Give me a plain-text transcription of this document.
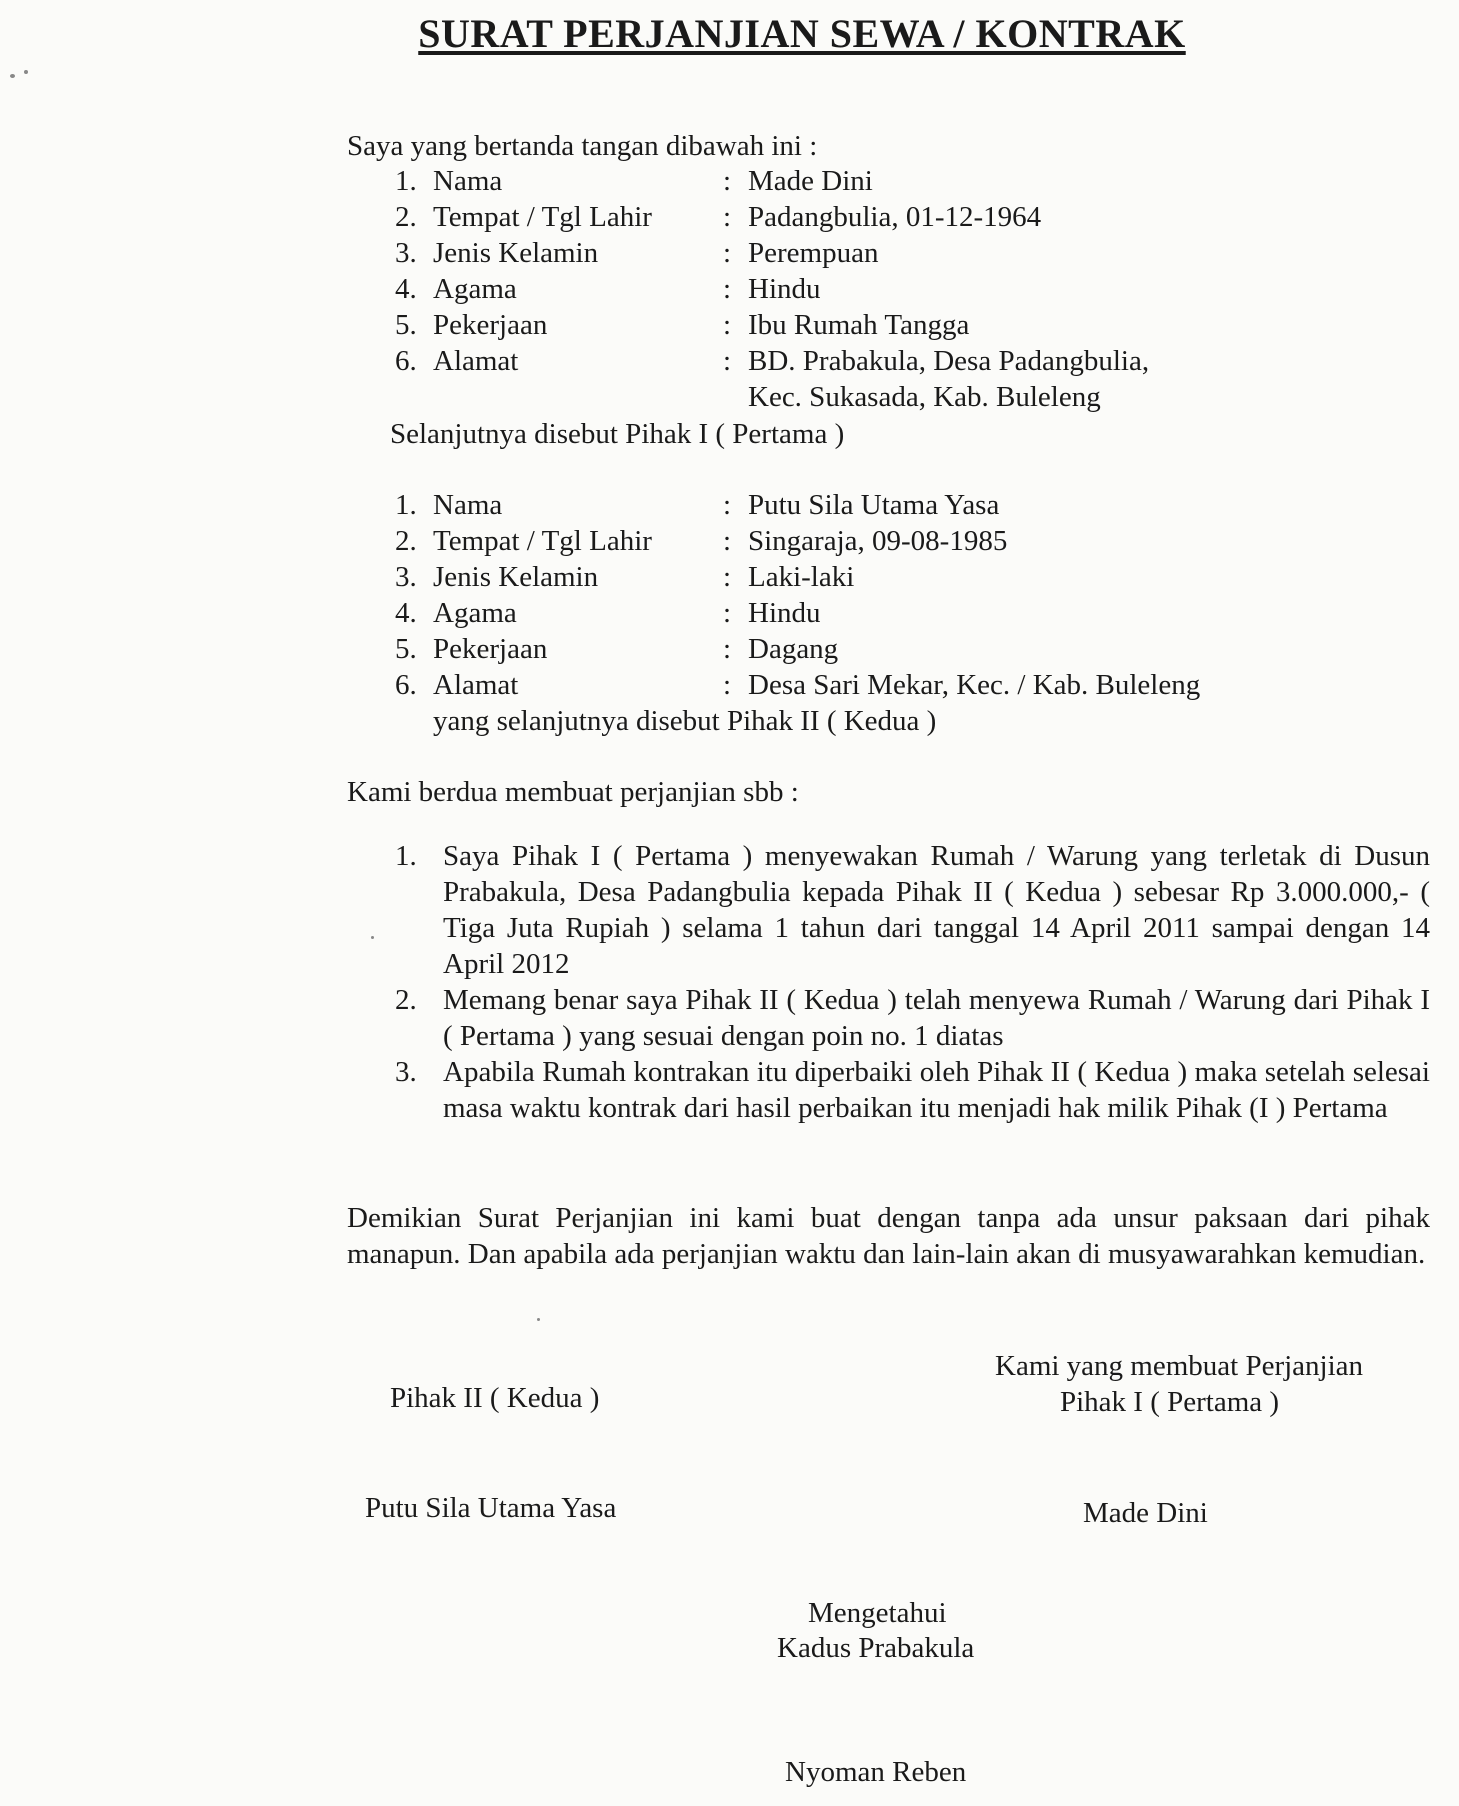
SURAT PERJANJIAN SEWA / KONTRAK
Saya yang bertanda tangan dibawah ini :
1. Nama	: Made Dini
2. Tempat / Tgl Lahir	: Padangbulia, 01-12-1964
3. Jenis Kelamin	: Perempuan
4. Agama	: Hindu
5. Pekerjaan	: Ibu Rumah Tangga
6. Alamat	: BD. Prabakula, Desa Padangbulia,
Kec. Sukasada, Kab. Buleleng
Selanjutnya disebut Pihak I ( Pertama )
1. Nama	: Putu Sila Utama Yasa
2. Tempat / Tgl Lahir	: Singaraja, 09-08-1985
3. Jenis Kelamin	: Laki-laki
4. Agama	: Hindu
5. Pekerjaan	: Dagang
6. Alamat	: Desa Sari Mekar, Kec. / Kab. Buleleng
yang selanjutnya disebut Pihak II ( Kedua )
Kami berdua membuat perjanjian sbb :
1. Saya Pihak I ( Pertama ) menyewakan Rumah / Warung yang terletak di Dusun Prabakula, Desa Padangbulia kepada Pihak II ( Kedua ) sebesar Rp 3.000.000,- ( Tiga Juta Rupiah ) selama 1 tahun dari tanggal 14 April 2011 sampai dengan 14 April 2012
2. Memang benar saya Pihak II ( Kedua ) telah menyewa Rumah / Warung dari Pihak I ( Pertama ) yang sesuai dengan poin no. 1 diatas
3. Apabila Rumah kontrakan itu diperbaiki oleh Pihak II ( Kedua ) maka setelah selesai masa waktu kontrak dari hasil perbaikan itu menjadi hak milik Pihak (I ) Pertama
Demikian Surat Perjanjian ini kami buat dengan tanpa ada unsur paksaan dari pihak manapun. Dan apabila ada perjanjian waktu dan lain-lain akan di musyawarahkan kemudian.
Pihak II ( Kedua )
Putu Sila Utama Yasa
Kami yang membuat Perjanjian
Pihak I ( Pertama )
Made Dini
Mengetahui
Kadus Prabakula
Nyoman Reben
